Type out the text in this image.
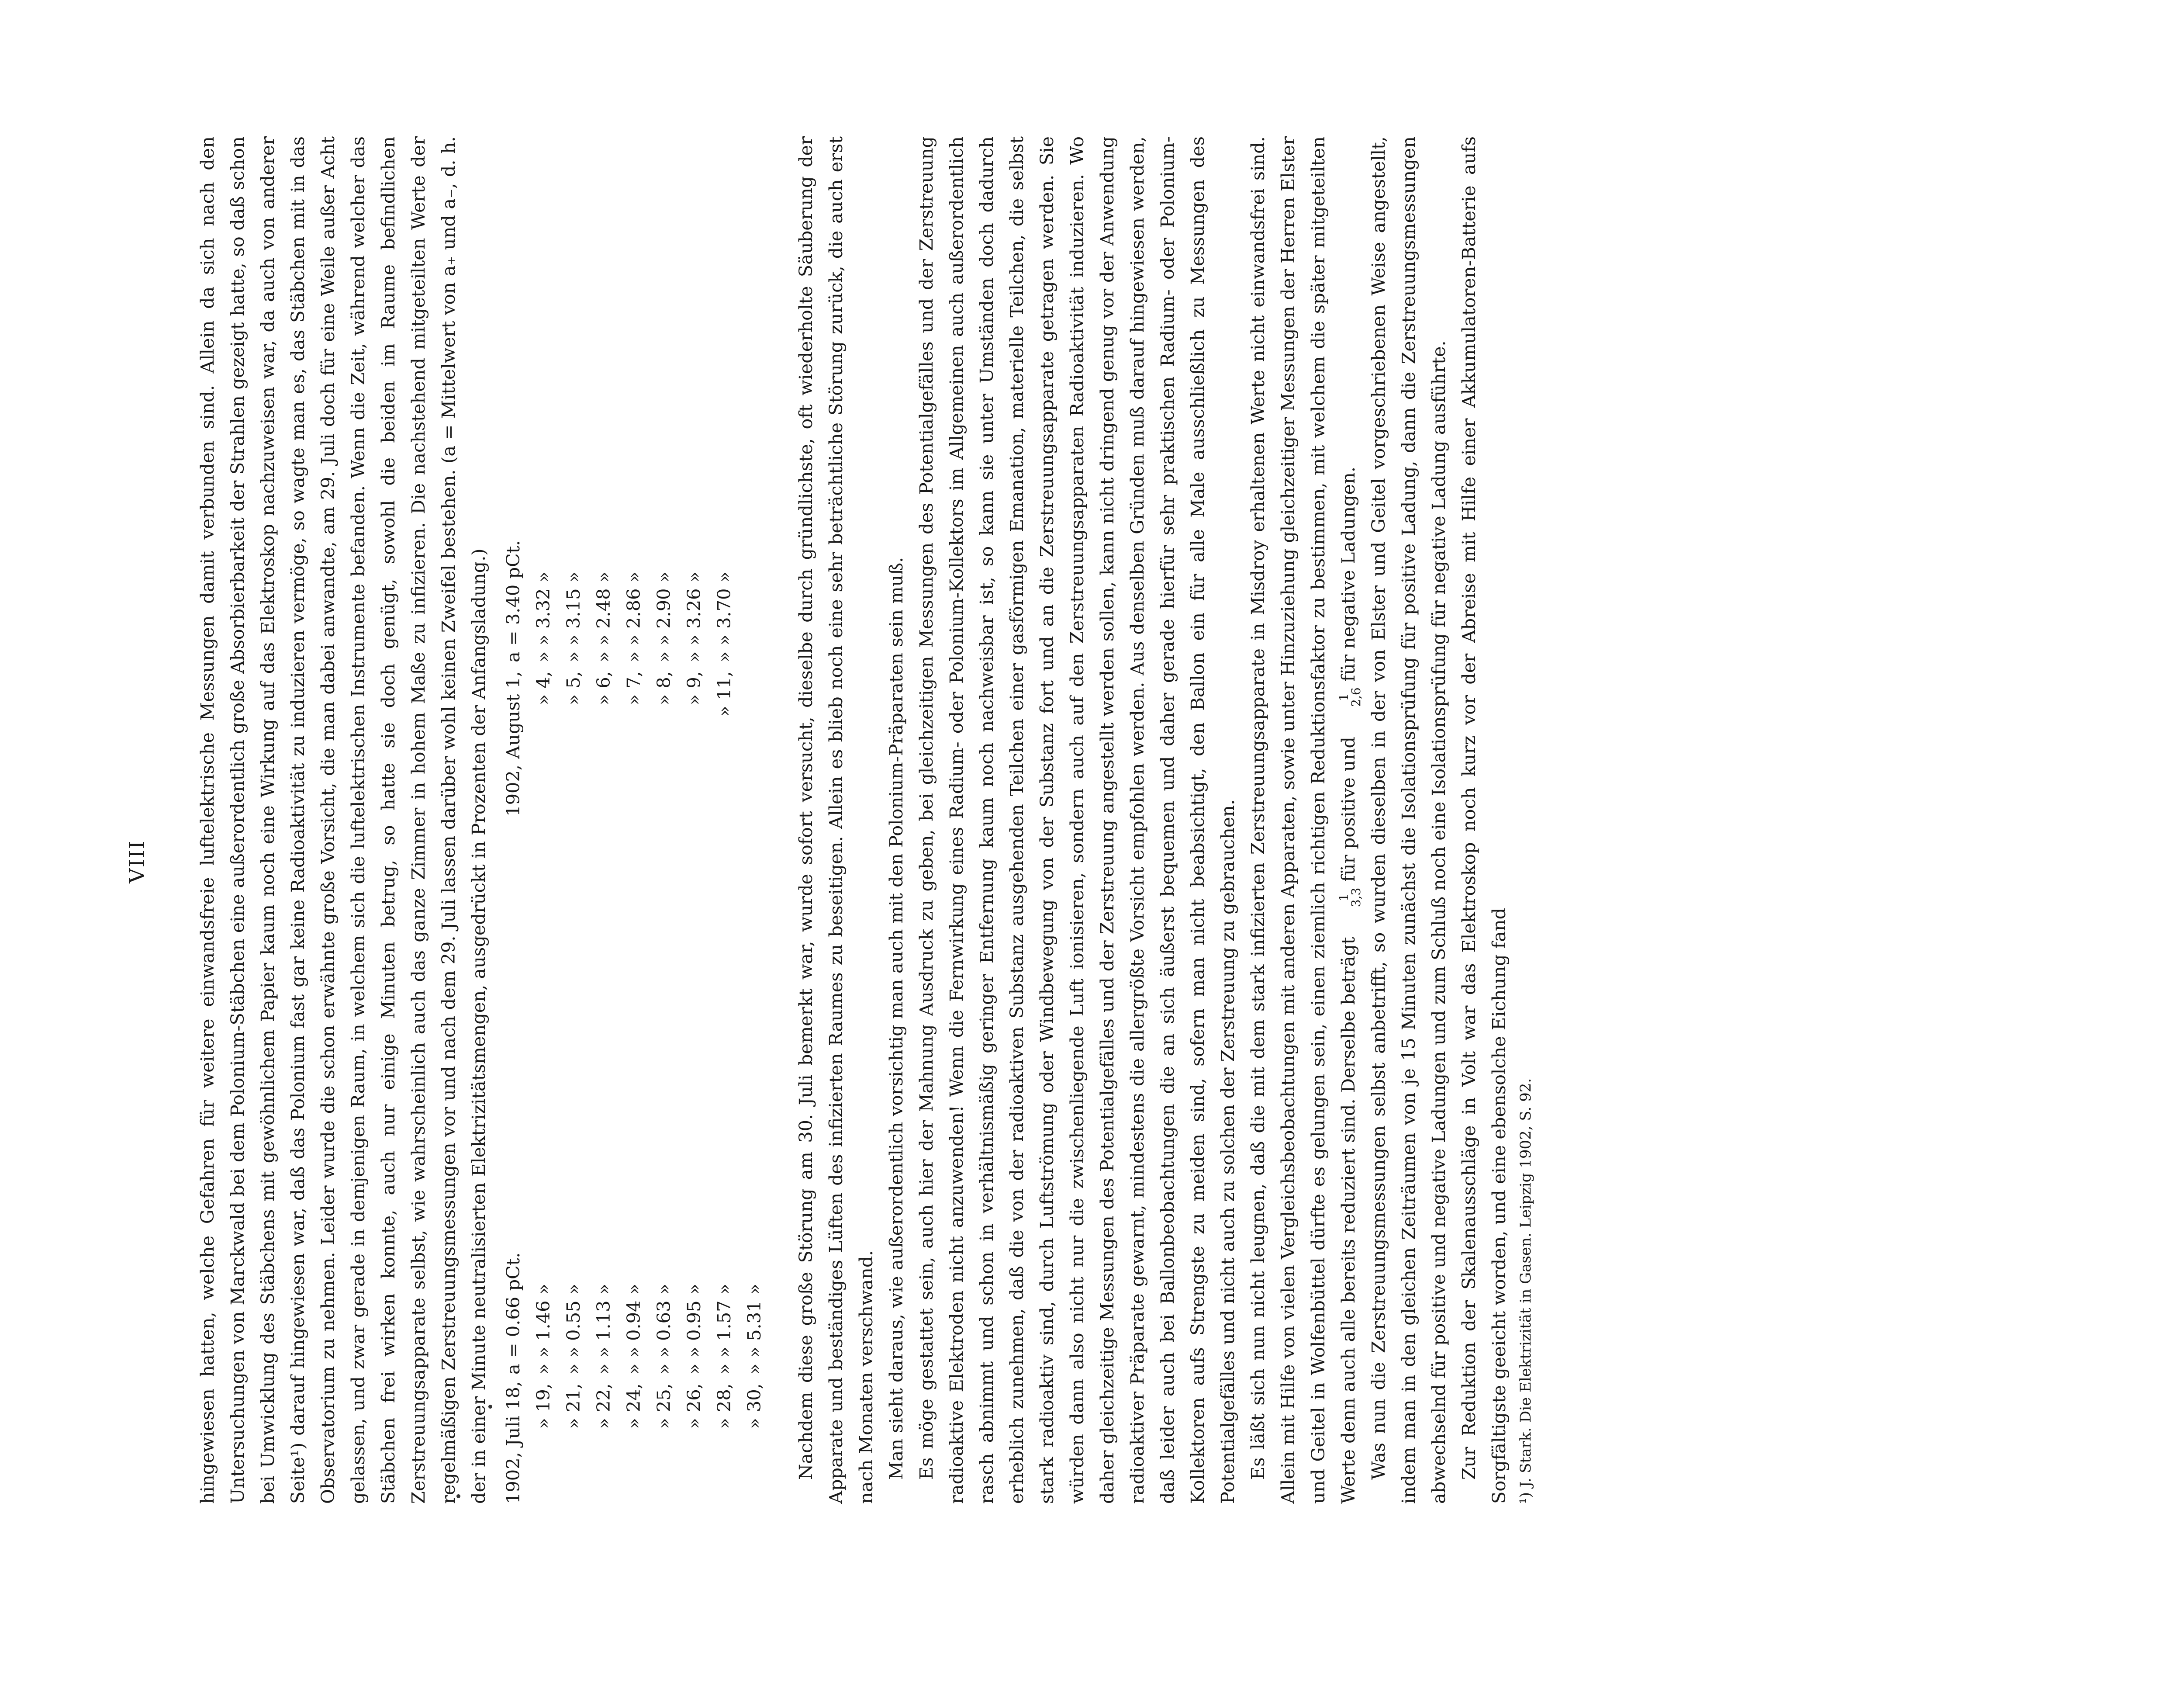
VIII	hingewiesen hatten, welche Gefahren für weitere einwandsfreie luftelektrische Messungen damit verbunden sind. Allein da sich nach den Untersuchungen von Marckwald bei dem Polonium-Stäbchen eine außerordentlich große Absorbierbarkeit der Strahlen gezeigt hatte, so daß schon bei Umwicklung des Stäbchens mit gewöhnlichem Papier kaum noch eine Wirkung auf das Elektroskop nachzuweisen war, da auch von anderer Seite¹) darauf hingewiesen war, daß das Polonium fast gar keine Radioaktivität zu induzieren vermöge, so wagte man es, das Stäbchen mit in das Observatorium zu nehmen. Leider wurde die schon erwähnte große Vorsicht, die man dabei anwandte, am 29. Juli doch für eine Weile außer Acht gelassen, und zwar gerade in demjenigen Raum, in welchem sich die luftelektrischen Instrumente befanden. Wenn die Zeit, während welcher das Stäbchen frei wirken konnte, auch nur einige Minuten betrug, so hatte sie doch genügt, sowohl die beiden im Raume befindlichen Zerstreuungsapparate selbst, wie wahrscheinlich auch das ganze Zimmer in hohem Maße zu infizieren. Die nachstehend mitgeteilten Werte der regelmäßigen Zerstreuungsmessungen vor und nach dem 29. Juli lassen darüber wohl keinen Zweifel bestehen. (a = Mittelwert von a₊ und a₋, d. h. der in einer Minute neutralisierten Elektrizitätsmengen, ausgedrückt in Prozenten der Anfangsladung.) 1902, Juli 18,
a = 0.66 pCt.
» 19,
» » 1.46 »
» 21,
» » 0.55 »
» 22,
» » 1.13 »
» 24,
» » 0.94 »
» 25,
» » 0.63 »
» 26,
» » 0.95 »
» 28,
» » 1.57 »
» 30,
» » 5.31 »
1902, August 1,
a = 3.40 pCt.
» 4,
» » 3.32 »
» 5,
» » 3.15 »
» 6,
» » 2.48 »
» 7,
» » 2.86 »
» 8,
» » 2.90 »
» 9,
» » 3.26 »
» 11,
» » 3.70 »	Nachdem diese große Störung am 30. Juli bemerkt war, wurde sofort versucht, dieselbe durch gründlichste, oft wiederholte Säuberung der Apparate und beständiges Lüften des infizierten Raumes zu beseitigen. Allein es blieb noch eine sehr beträchtliche Störung zurück, die auch erst nach Monaten verschwand. Man sieht daraus, wie außerordentlich vorsichtig man auch mit den Polonium-Präparaten sein muß. Es möge gestattet sein, auch hier der Mahnung Ausdruck zu geben, bei gleichzeitigen Messungen des Potentialgefälles und der Zerstreuung radioaktive Elektroden nicht anzuwenden! Wenn die Fernwirkung eines Radium- oder Polonium-Kollektors im Allgemeinen auch außerordentlich rasch abnimmt und schon in verhältnismäßig geringer Entfernung kaum noch nachweisbar ist, so kann sie unter Umständen doch dadurch erheblich zunehmen, daß die von der radioaktiven Substanz ausgehenden Teilchen einer gasförmigen Emanation, materielle Teilchen, die selbst stark radioaktiv sind, durch Luftströmung oder Windbewegung von der Substanz fort und an die Zerstreuungsapparate getragen werden. Sie würden dann also nicht nur die zwischenliegende Luft ionisieren, sondern auch auf den Zerstreuungsapparaten Radioaktivität induzieren. Wo daher gleichzeitige Messungen des Potentialgefälles und der Zerstreuung angestellt werden sollen, kann nicht dringend genug vor der Anwendung radioaktiver Präparate gewarnt, mindestens die allergrößte Vorsicht empfohlen werden. Aus denselben Gründen muß darauf hingewiesen werden, daß leider auch bei Ballonbeobachtungen die an sich äußerst bequemen und daher gerade hierfür sehr praktischen Radium- oder Polonium-Kollektoren aufs Strengste zu meiden sind, sofern man nicht beabsichtigt, den Ballon ein für alle Male ausschließlich zu Messungen des Potentialgefälles und nicht auch zu solchen der Zerstreuung zu gebrauchen. Es läßt sich nun nicht leugnen, daß die mit dem stark infizierten Zerstreuungsapparate in Misdroy erhaltenen Werte nicht einwandsfrei sind. Allein mit Hilfe von vielen Vergleichsbeobachtungen mit anderen Apparaten, sowie unter Hinzuziehung gleichzeitiger Messungen der Herren Elster und Geitel in Wolfenbüttel dürfte es gelungen sein, einen ziemlich richtigen Reduktionsfaktor zu bestimmen, mit welchem die später mitgeteilten Werte denn auch alle bereits reduziert sind. Derselbe beträgt
1
3,3
für positive und
1
2,6
für negative Ladungen. Was nun die Zerstreuungsmessungen selbst anbetrifft, so wurden dieselben in der von Elster und Geitel vorgeschriebenen Weise angestellt, indem man in den gleichen Zeiträumen von je 15 Minuten zunächst die Isolationsprüfung für positive Ladung, dann die Zerstreuungsmessungen abwechselnd für positive und negative Ladungen und zum Schluß noch eine Isolationsprüfung für negative Ladung ausführte. Zur Reduktion der Skalenausschläge in Volt war das Elektroskop noch kurz vor der Abreise mit Hilfe einer Akkumulatoren-Batterie aufs Sorgfältigste geeicht worden, und eine ebensolche Eichung fand ¹) J. Stark. Die Elektrizität in Gasen. Leipzig 1902, S. 92.
